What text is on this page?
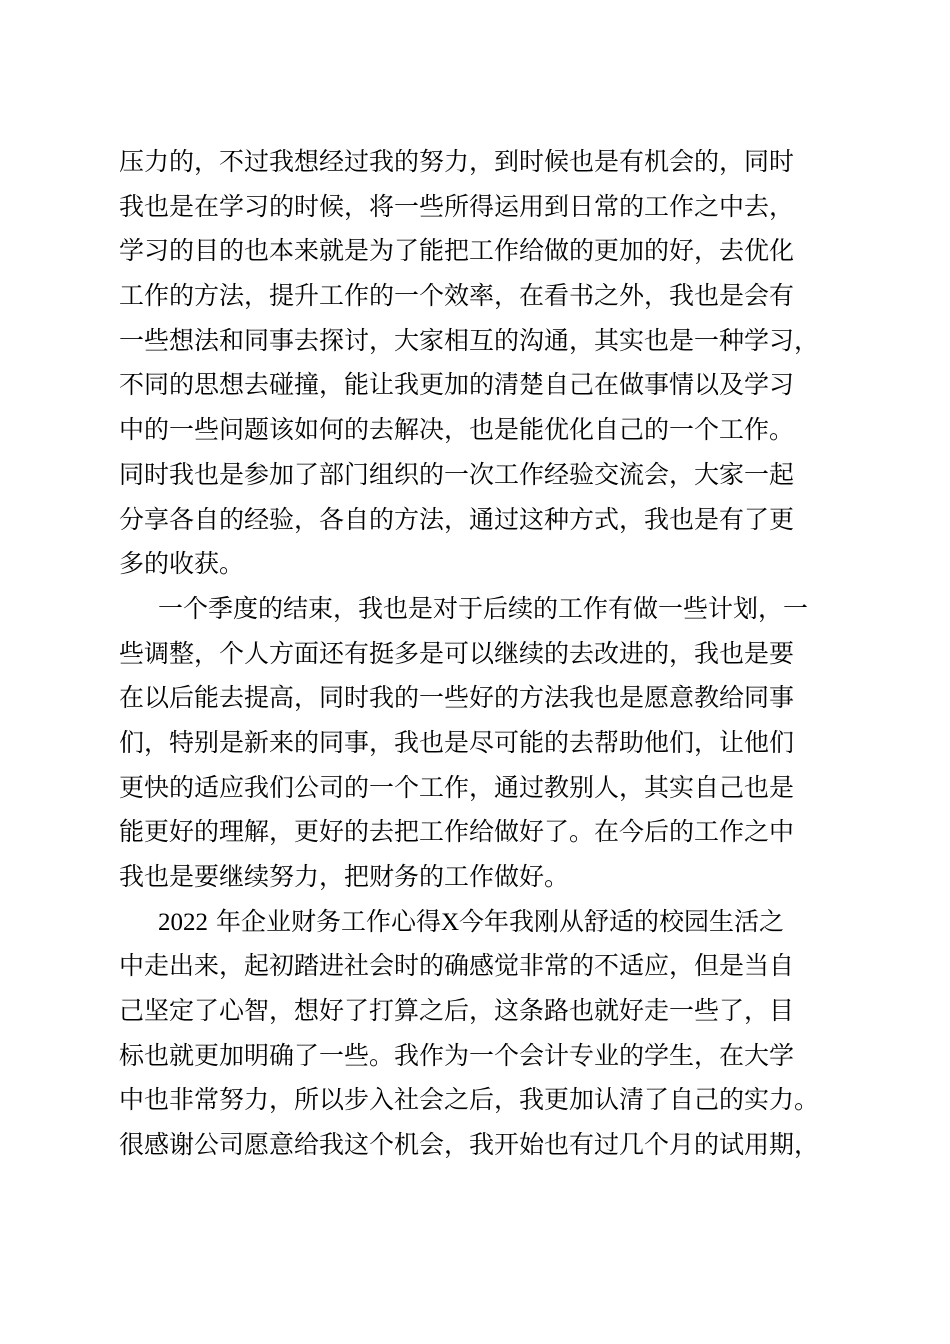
压力的，不过我想经过我的努力，到时候也是有机会的，同时
我也是在学习的时候，将一些所得运用到日常的工作之中去，
学习的目的也本来就是为了能把工作给做的更加的好，去优化
工作的方法，提升工作的一个效率，在看书之外，我也是会有
一些想法和同事去探讨，大家相互的沟通，其实也是一种学习，
不同的思想去碰撞，能让我更加的清楚自己在做事情以及学习
中的一些问题该如何的去解决，也是能优化自己的一个工作。
同时我也是参加了部门组织的一次工作经验交流会，大家一起
分享各自的经验，各自的方法，通过这种方式，我也是有了更
多的收获。
一个季度的结束，我也是对于后续的工作有做一些计划，一
些调整，个人方面还有挺多是可以继续的去改进的，我也是要
在以后能去提高，同时我的一些好的方法我也是愿意教给同事
们，特别是新来的同事，我也是尽可能的去帮助他们，让他们
更快的适应我们公司的一个工作，通过教别人，其实自己也是
能更好的理解，更好的去把工作给做好了。在今后的工作之中
我也是要继续努力，把财务的工作做好。
2022 年企业财务工作心得X今年我刚从舒适的校园生活之
中走出来，起初踏进社会时的确感觉非常的不适应，但是当自
己坚定了心智，想好了打算之后，这条路也就好走一些了，目
标也就更加明确了一些。我作为一个会计专业的学生，在大学
中也非常努力，所以步入社会之后，我更加认清了自己的实力。
很感谢公司愿意给我这个机会，我开始也有过几个月的试用期，
